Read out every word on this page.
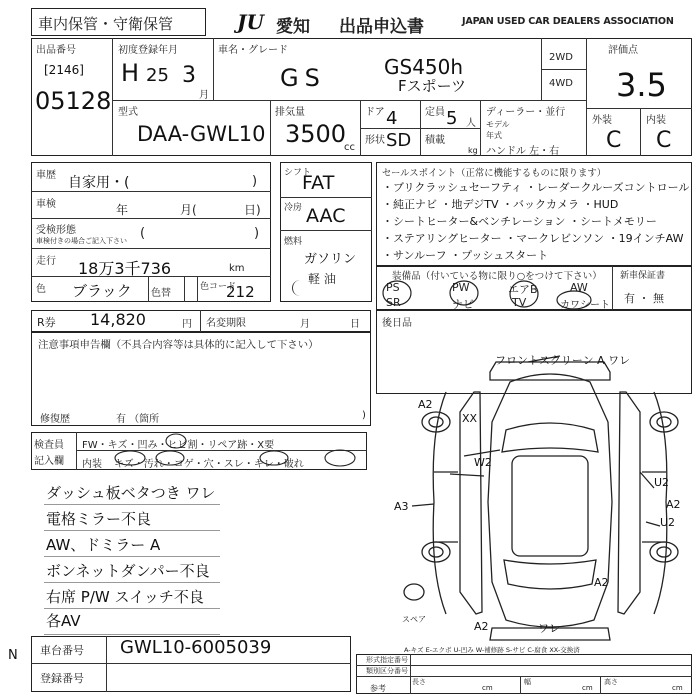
車内保管・守衛保管	JU 愛知 出品申込書	JAPAN USED CAR DEALERS ASSOCIATION
出品番号
[2146]
05128
初度登録年月
H 25 3
月
車名・グレード
GS	GS450h
Fスポーツ
2WD
4WD
評価点
3.5
型式
DAA-GWL10
排気量
3500
cc
ドア 4	定員 5 人
形状 SD 積載
kg
ディーラー・並行
モデル
年式
ハンドル 左・右
外装	内装
C C
車歴 自家用・(	)
車検	年	月(	日)
受検形態
車検付きの場合ご記入下さい (	)
走行 18万3千736	km
色 ブラック 色替
色コード
212
シフト
FAT
冷房 AAC
燃料
ガソリン
軽 油
セールスポイント（正常に機能するものに限ります）
・ブリクラッシュセーフティ ・レーダークルーズコントロール
・純正ナビ ・地デジTV ・バックカメラ ・HUD
・シートヒーター&ベンチレーション ・シートメモリー
・ステアリングヒーター ・マークレビンソン ・19インチAW
・サンルーフ ・プッシュスタート
装備品（付いている物に限り○をつけて下さい）
PS	PW	エアB	AW
SR	ナビ	TV	カワシート
新車保証書
有 ・ 無
R券 14,820	円 名変期限	月	日 後日品
注意事項申告欄（不具合内容等は具体的に記入して下さい）
修復歴	有 （箇所	)
検査員
記入欄
FW・キズ・凹み・ヒビ割・リペア跡・X要
内装 キズ・汚れ・コゲ・穴・スレ・キレ・破れ
ダッシュ板ベタつき ワレ
電格ミラー不良
AW、ドミラー A
ボンネットダンパー不良
右席 P/W スイッチ不良
各AV
フロントスクリーン A ワレ
A2
XX
W2
A3
U2
A2
U2
A2	ワレ
A2
スペア
A-キズ E-エクボ U-凹み W-補修跡 S-サビ C-腐食 XX-交換済
車台番号 GWL10-6005039
登録番号
N	形式指定番号
類別区分番号
長さ	幅	高さ
参考	cm	cm	cm
